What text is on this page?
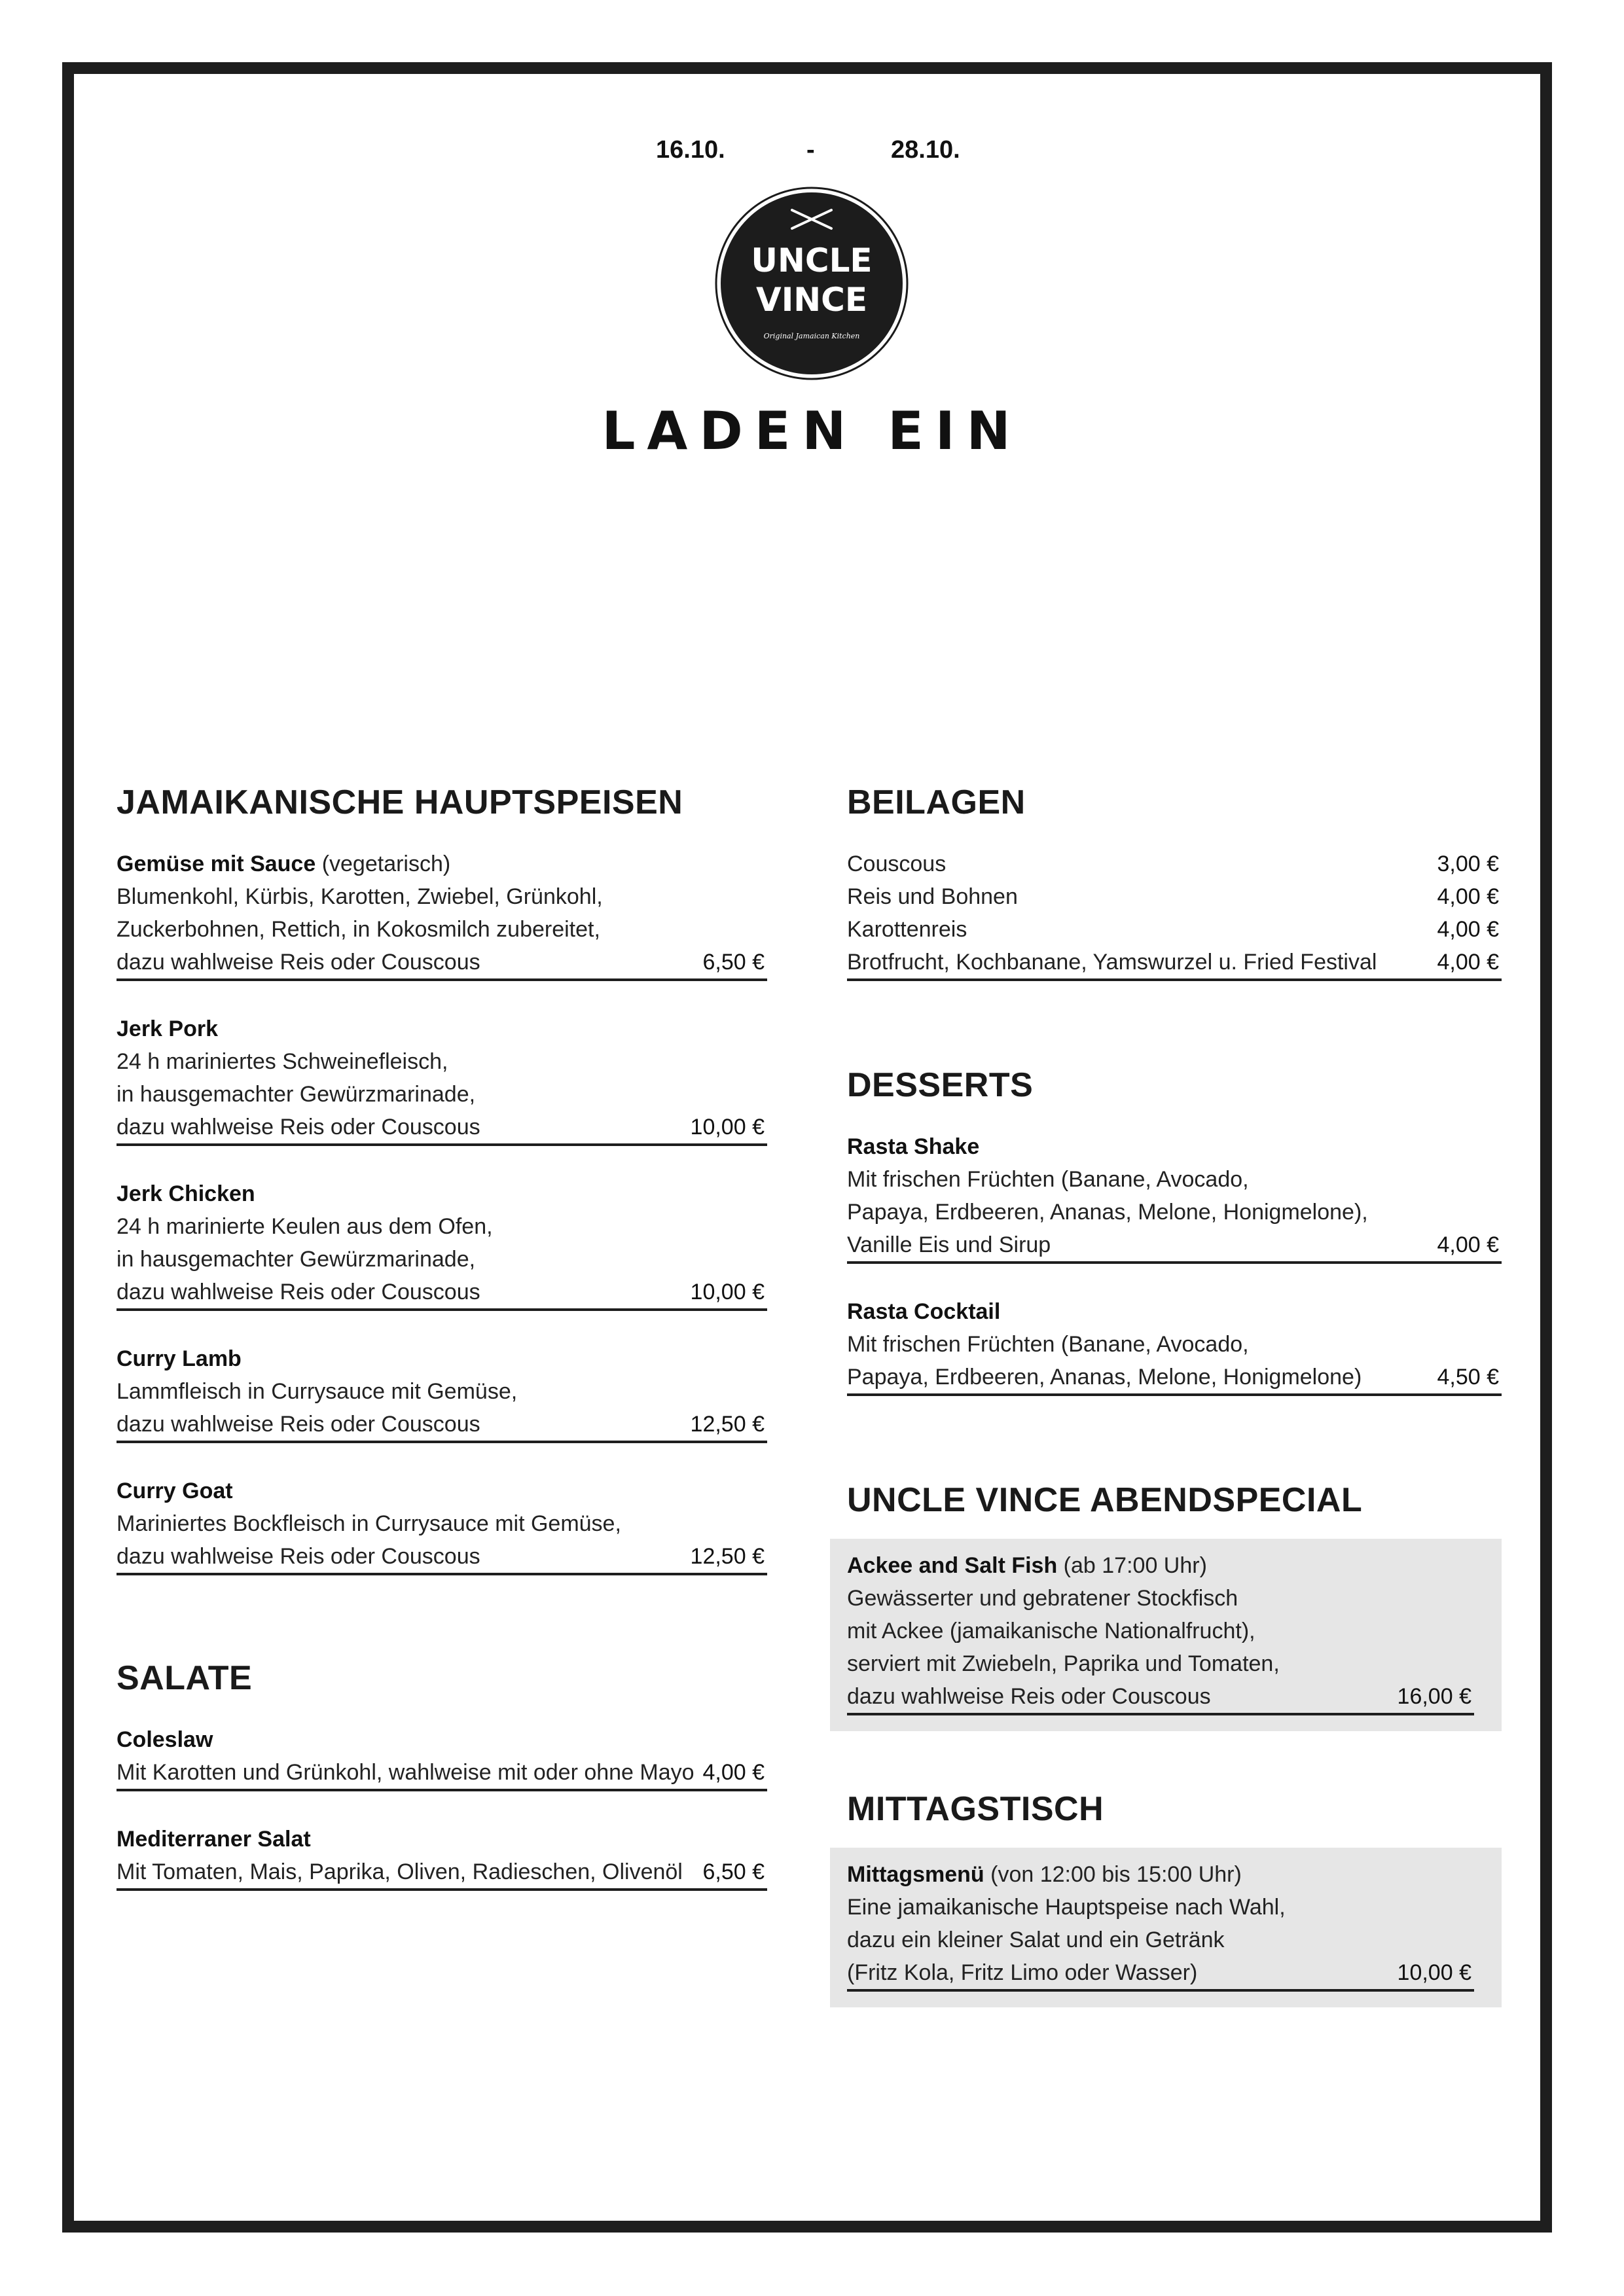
16.10.	-	28.10.
UNCLE
VINCE
Original Jamaican Kitchen
LADEN EIN
JAMAIKANISCHE HAUPTSPEISEN
Gemüse mit Sauce (vegetarisch)
Blumenkohl, Kürbis, Karotten, Zwiebel, Grünkohl,
Zuckerbohnen, Rettich, in Kokosmilch zubereitet,
dazu wahlweise Reis oder Couscous	6,50 €
Jerk Pork
24 h mariniertes Schweinefleisch,
in hausgemachter Gewürzmarinade,
dazu wahlweise Reis oder Couscous	10,00 €
Jerk Chicken
24 h marinierte Keulen aus dem Ofen,
in hausgemachter Gewürzmarinade,
dazu wahlweise Reis oder Couscous	10,00 €
Curry Lamb
Lammfleisch in Currysauce mit Gemüse,
dazu wahlweise Reis oder Couscous	12,50 €
Curry Goat
Mariniertes Bockfleisch in Currysauce mit Gemüse,
dazu wahlweise Reis oder Couscous	12,50 €
SALATE
Coleslaw
Mit Karotten und Grünkohl, wahlweise mit oder ohne Mayo 4,00 €
Mediterraner Salat
Mit Tomaten, Mais, Paprika, Oliven, Radieschen, Olivenöl 6,50 €
BEILAGEN
Couscous	3,00 €
Reis und Bohnen	4,00 €
Karottenreis	4,00 €
Brotfrucht, Kochbanane, Yamswurzel u. Fried Festival	4,00 €
DESSERTS
Rasta Shake
Mit frischen Früchten (Banane, Avocado,
Papaya, Erdbeeren, Ananas, Melone, Honigmelone),
Vanille Eis und Sirup	4,00 €
Rasta Cocktail
Mit frischen Früchten (Banane, Avocado,
Papaya, Erdbeeren, Ananas, Melone, Honigmelone)	4,50 €
UNCLE VINCE ABENDSPECIAL
Ackee and Salt Fish (ab 17:00 Uhr)
Gewässerter und gebratener Stockfisch
mit Ackee (jamaikanische Nationalfrucht),
serviert mit Zwiebeln, Paprika und Tomaten,
dazu wahlweise Reis oder Couscous	16,00 €
MITTAGSTISCH
Mittagsmenü (von 12:00 bis 15:00 Uhr)
Eine jamaikanische Hauptspeise nach Wahl,
dazu ein kleiner Salat und ein Getränk
(Fritz Kola, Fritz Limo oder Wasser)	10,00 €
